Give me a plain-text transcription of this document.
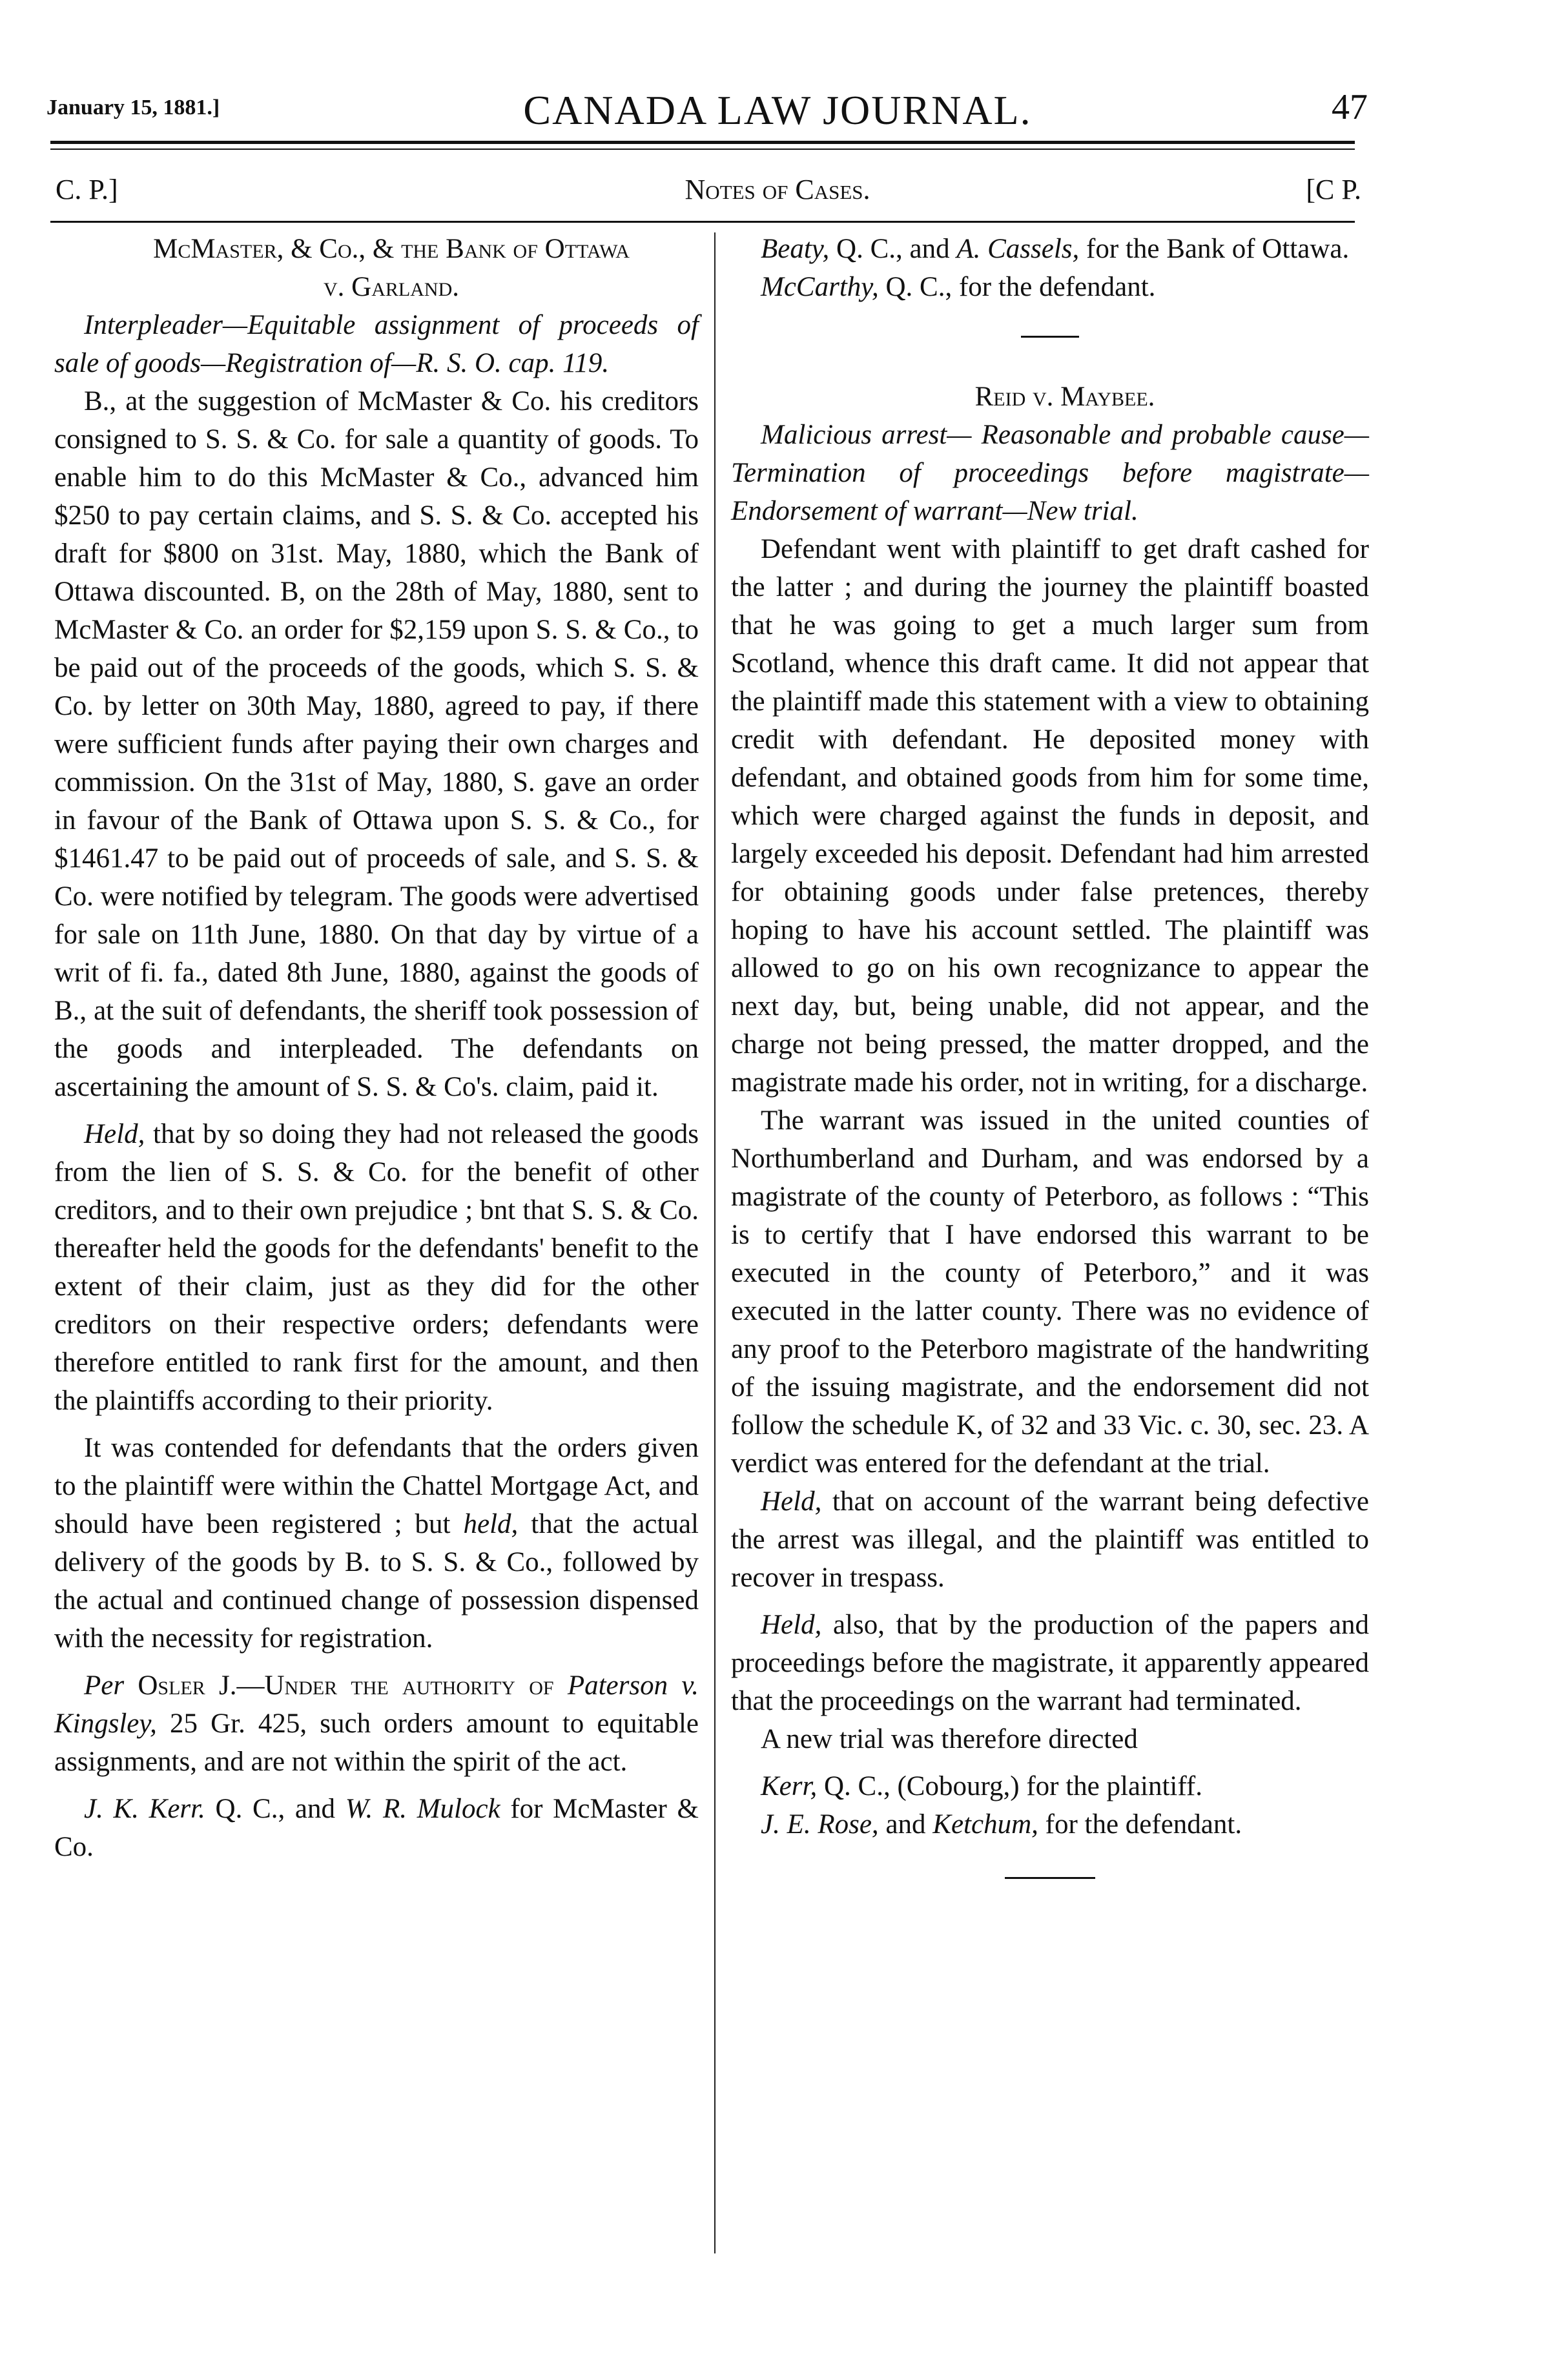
January 15, 1881.]	CANADA LAW JOURNAL.	47
C. P.]	Notes of Cases.	[C P.

McMaster, & Co., & the Bank of Ottawa

v. Garland.

Interpleader—Equitable assignment of proceeds of sale of goods—Registration of—R. S. O. cap. 119.

B., at the suggestion of McMaster & Co. his creditors consigned to S. S. & Co. for sale a quantity of goods. To enable him to do this McMaster & Co., advanced him $250 to pay certain claims, and S. S. & Co. accepted his draft for $800 on 31st. May, 1880, which the Bank of Ottawa discounted. B, on the 28th of May, 1880, sent to McMaster & Co. an order for $2,159 upon S. S. & Co., to be paid out of the proceeds of the goods, which S. S. & Co. by letter on 30th May, 1880, agreed to pay, if there were sufficient funds after paying their own charges and commission. On the 31st of May, 1880, S. gave an order in favour of the Bank of Ottawa upon S. S. & Co., for $1461.47 to be paid out of proceeds of sale, and S. S. & Co. were notified by telegram. The goods were advertised for sale on 11th June, 1880. On that day by virtue of a writ of fi. fa., dated 8th June, 1880, against the goods of B., at the suit of defendants, the sheriff took possession of the goods and interpleaded. The defendants on ascertaining the amount of S. S. & Co's. claim, paid it.

Held, that by so doing they had not released the goods from the lien of S. S. & Co. for the benefit of other creditors, and to their own prejudice ; bnt that S. S. & Co. thereafter held the goods for the defendants' benefit to the extent of their claim, just as they did for the other creditors on their respective orders; defendants were therefore entitled to rank first for the amount, and then the plaintiffs according to their priority.

It was contended for defendants that the orders given to the plaintiff were within the Chattel Mortgage Act, and should have been registered ; but held, that the actual delivery of the goods by B. to S. S. & Co., followed by the actual and continued change of possession dispensed with the necessity for registration.

Per Osler J.—Under the authority of Paterson v. Kingsley, 25 Gr. 425, such orders amount to equitable assignments, and are not within the spirit of the act.

J. K. Kerr. Q. C., and W. R. Mulock for McMaster & Co.

Beaty, Q. C., and A. Cassels, for the Bank of Ottawa.

McCarthy, Q. C., for the defendant.

Reid v. Maybee.

Malicious arrest— Reasonable and probable cause—Termination of proceedings before magistrate—Endorsement of warrant—New trial.

Defendant went with plaintiff to get draft cashed for the latter ; and during the journey the plaintiff boasted that he was going to get a much larger sum from Scotland, whence this draft came. It did not appear that the plaintiff made this statement with a view to obtaining credit with defendant. He deposited money with defendant, and obtained goods from him for some time, which were charged against the funds in deposit, and largely exceeded his deposit. Defendant had him arrested for obtaining goods under false pretences, thereby hoping to have his account settled. The plaintiff was allowed to go on his own recognizance to appear the next day, but, being unable, did not appear, and the charge not being pressed, the matter dropped, and the magistrate made his order, not in writing, for a discharge.

The warrant was issued in the united counties of Northumberland and Durham, and was endorsed by a magistrate of the county of Peterboro, as follows : “This is to certify that I have endorsed this warrant to be executed in the county of Peterboro,” and it was executed in the latter county. There was no evidence of any proof to the Peterboro magistrate of the handwriting of the issuing magistrate, and the endorsement did not follow the schedule K, of 32 and 33 Vic. c. 30, sec. 23. A verdict was entered for the defendant at the trial.

Held, that on account of the warrant being defective the arrest was illegal, and the plaintiff was entitled to recover in trespass.

Held, also, that by the production of the papers and proceedings before the magistrate, it apparently appeared that the proceedings on the warrant had terminated.

A new trial was therefore directed

Kerr, Q. C., (Cobourg,) for the plaintiff.

J. E. Rose, and Ketchum, for the defendant.
